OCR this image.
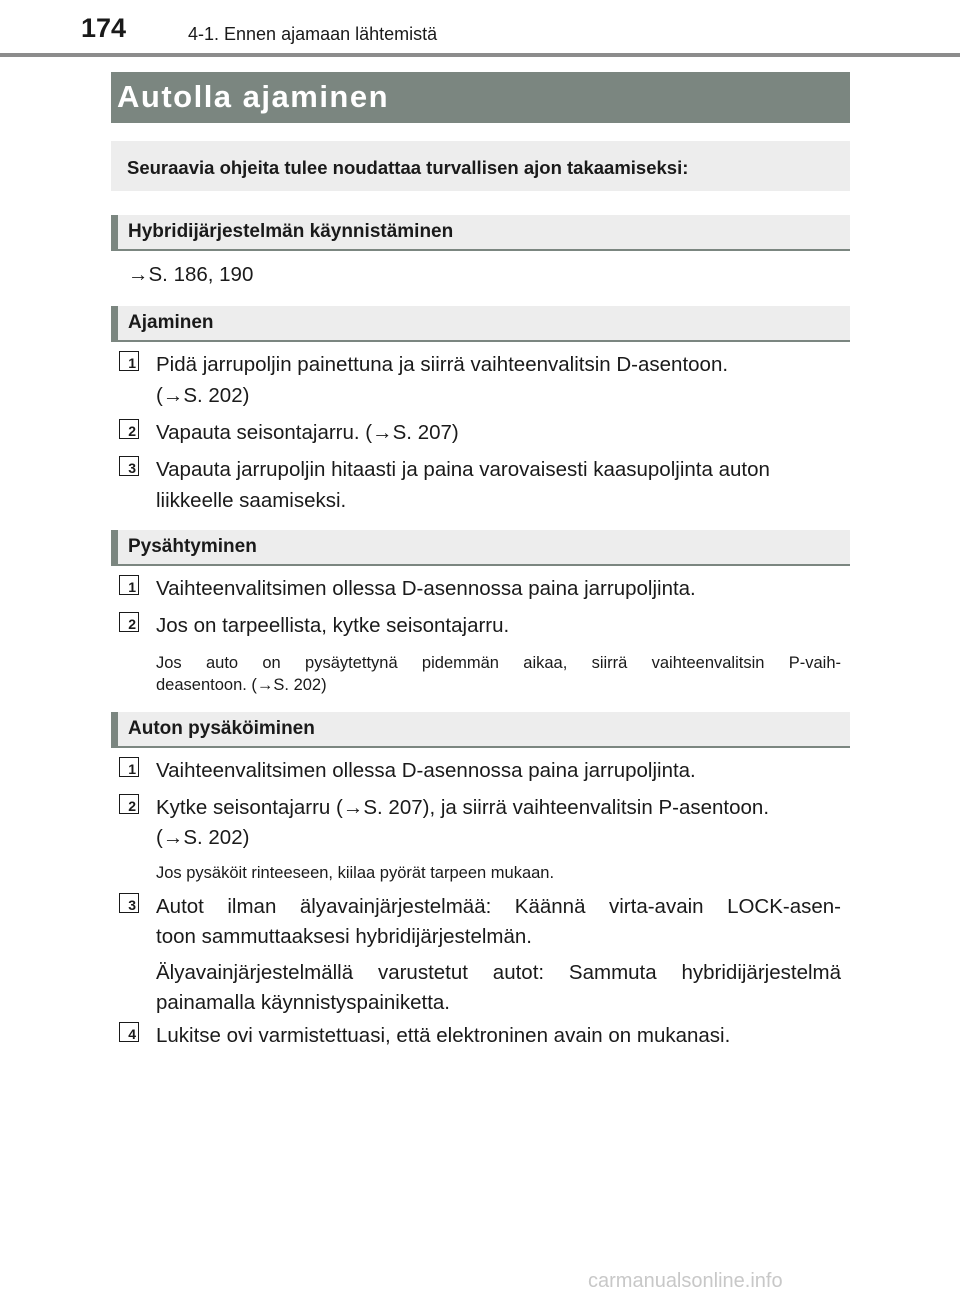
174	4-1. Ennen ajamaan lähtemistä
Autolla ajaminen
Seuraavia ohjeita tulee noudattaa turvallisen ajon takaamiseksi:
Hybridijärjestelmän käynnistäminen
→S. 186, 190
Ajaminen
1 Pidä jarrupoljin painettuna ja siirrä vaihteenvalitsin D-asentoon.
(→S. 202)
2 Vapauta seisontajarru. (→S. 207)
3 Vapauta jarrupoljin hitaasti ja paina varovaisesti kaasupoljinta auton
liikkeelle saamiseksi.
Pysähtyminen
1 Vaihteenvalitsimen ollessa D-asennossa paina jarrupoljinta.
2 Jos on tarpeellista, kytke seisontajarru.
Jos auto on pysäytettynä pidemmän aikaa, siirrä vaihteenvalitsin P-vaih-
deasentoon. (→S. 202)
Auton pysäköiminen
1 Vaihteenvalitsimen ollessa D-asennossa paina jarrupoljinta.
2 Kytke seisontajarru (→S. 207), ja siirrä vaihteenvalitsin P-asentoon.
(→S. 202)
Jos pysäköit rinteeseen, kiilaa pyörät tarpeen mukaan.
3 Autot ilman älyavainjärjestelmää: Käännä virta-avain LOCK-asen-
toon sammuttaaksesi hybridijärjestelmän.
Älyavainjärjestelmällä varustetut autot: Sammuta hybridijärjestelmä
painamalla käynnistyspainiketta.
4 Lukitse ovi varmistettuasi, että elektroninen avain on mukanasi.
carmanualsonline.info
